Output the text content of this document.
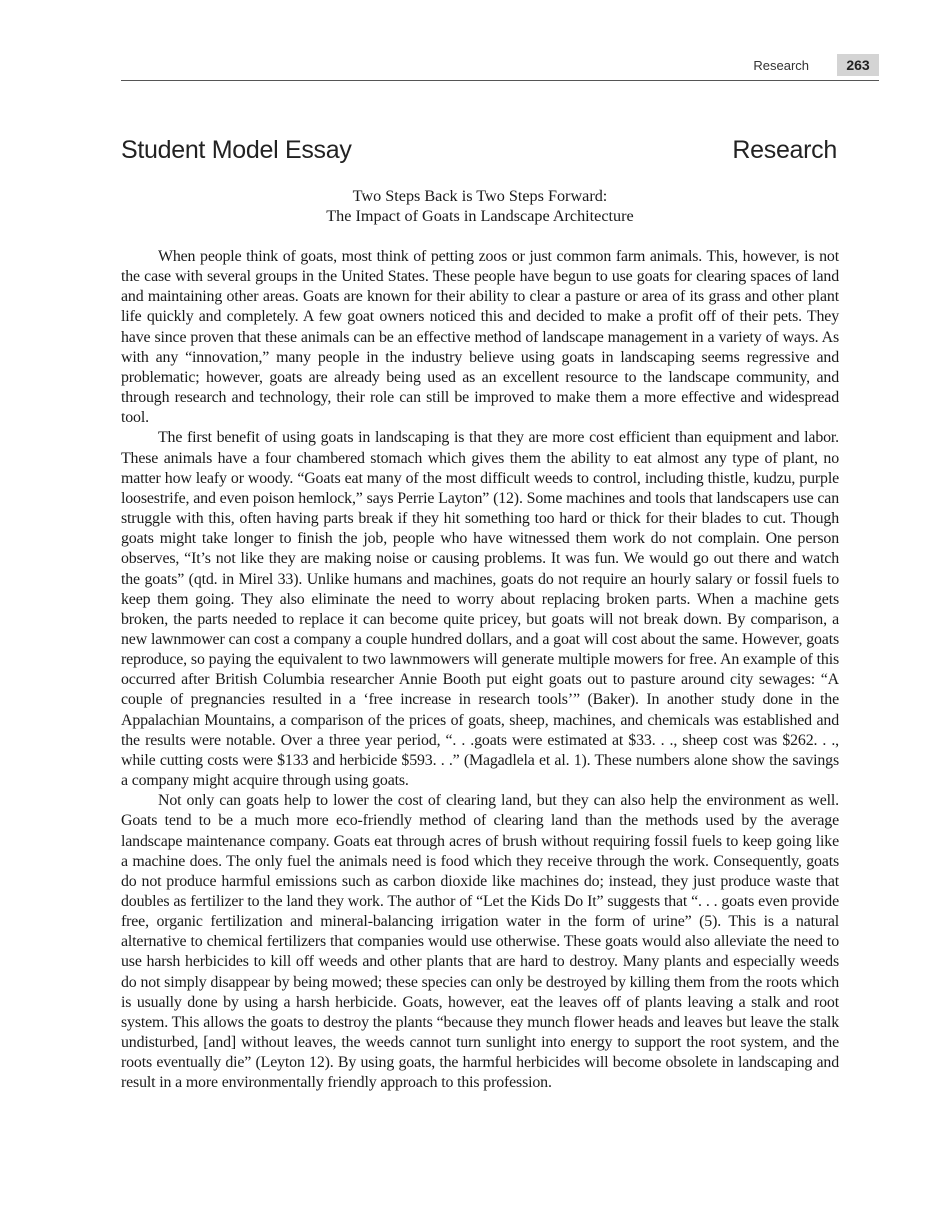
Research	263
Student Model Essay	Research
Two Steps Back is Two Steps Forward:
The Impact of Goats in Landscape Architecture

When people think of goats, most think of petting zoos or just common farm animals. This, however, is not the case with several groups in the United States. These people have begun to use goats for clearing spaces of land and maintaining other areas. Goats are known for their ability to clear a pasture or area of its grass and other plant life quickly and completely. A few goat owners noticed this and decided to make a profit off of their pets. They have since proven that these animals can be an effective method of landscape management in a variety of ways. As with any “innovation,” many people in the industry believe using goats in landscaping seems regressive and problematic; however, goats are already being used as an excellent resource to the landscape community, and through research and technology, their role can still be improved to make them a more effective and widespread tool.

The first benefit of using goats in landscaping is that they are more cost efficient than equipment and labor. These animals have a four chambered stomach which gives them the ability to eat almost any type of plant, no matter how leafy or woody. “Goats eat many of the most difficult weeds to control, including thistle, kudzu, purple loosestrife, and even poison hemlock,” says Perrie Layton” (12). Some machines and tools that landscapers use can struggle with this, often having parts break if they hit something too hard or thick for their blades to cut. Though goats might take longer to finish the job, people who have witnessed them work do not complain. One person observes, “It’s not like they are making noise or causing problems. It was fun. We would go out there and watch the goats” (qtd. in Mirel 33). Unlike humans and machines, goats do not require an hourly salary or fossil fuels to keep them going. They also eliminate the need to worry about replacing broken parts. When a machine gets broken, the parts needed to replace it can become quite pricey, but goats will not break down. By comparison, a new lawnmower can cost a company a couple hundred dollars, and a goat will cost about the same. However, goats reproduce, so paying the equivalent to two lawnmowers will generate multiple mowers for free. An example of this occurred after British Columbia researcher Annie Booth put eight goats out to pasture around city sewages: “A couple of pregnancies resulted in a ‘free increase in research tools’” (Baker). In another study done in the Appalachian Mountains, a comparison of the prices of goats, sheep, machines, and chemicals was established and the results were notable. Over a three year period, “. . .goats were estimated at $33. . ., sheep cost was $262. . ., while cutting costs were $133 and herbicide $593. . .” (Magadlela et al. 1). These numbers alone show the savings a company might acquire through using goats.

Not only can goats help to lower the cost of clearing land, but they can also help the environment as well. Goats tend to be a much more eco-friendly method of clearing land than the methods used by the average landscape maintenance company. Goats eat through acres of brush without requiring fossil fuels to keep going like a machine does. The only fuel the animals need is food which they receive through the work. Consequently, goats do not produce harmful emissions such as carbon dioxide like machines do; instead, they just produce waste that doubles as fertilizer to the land they work. The author of “Let the Kids Do It” suggests that “. . . goats even provide free, organic fertilization and mineral-balancing irrigation water in the form of urine” (5). This is a natural alternative to chemical fertilizers that companies would use otherwise. These goats would also alleviate the need to use harsh herbicides to kill off weeds and other plants that are hard to destroy. Many plants and especially weeds do not simply disappear by being mowed; these species can only be destroyed by killing them from the roots which is usually done by using a harsh herbicide. Goats, however, eat the leaves off of plants leaving a stalk and root system. This allows the goats to destroy the plants “because they munch flower heads and leaves but leave the stalk undisturbed, [and] without leaves, the weeds cannot turn sunlight into energy to support the root system, and the roots eventually die” (Leyton 12). By using goats, the harmful herbicides will become obsolete in landscaping and result in a more environmentally friendly approach to this profession.
